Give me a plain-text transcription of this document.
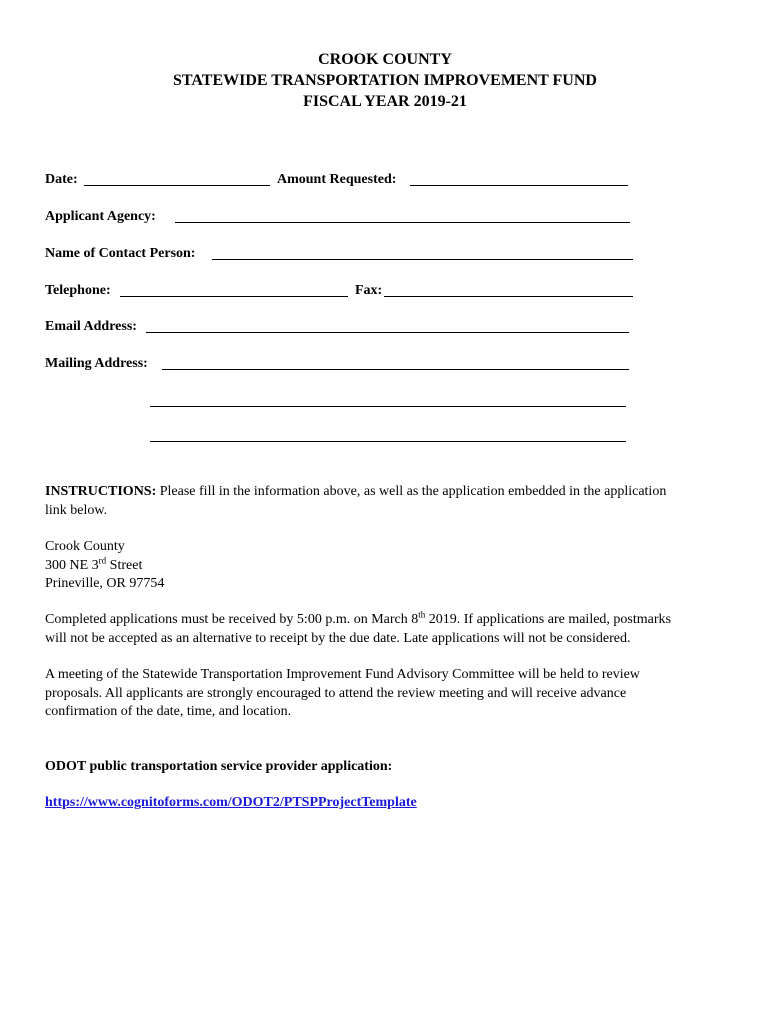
CROOK COUNTY
STATEWIDE TRANSPORTATION IMPROVEMENT FUND
FISCAL YEAR 2019-21
Date:	Amount Requested:
Applicant Agency:
Name of Contact Person:
Telephone:	Fax:
Email Address:
Mailing Address:
INSTRUCTIONS: Please fill in the information above, as well as the application embedded in the application
link below.
Crook County
300 NE 3rd Street
Prineville, OR 97754
Completed applications must be received by 5:00 p.m. on March 8th 2019. If applications are mailed, postmarks
will not be accepted as an alternative to receipt by the due date. Late applications will not be considered.
A meeting of the Statewide Transportation Improvement Fund Advisory Committee will be held to review
proposals. All applicants are strongly encouraged to attend the review meeting and will receive advance
confirmation of the date, time, and location.
ODOT public transportation service provider application:
https://www.cognitoforms.com/ODOT2/PTSPProjectTemplate
